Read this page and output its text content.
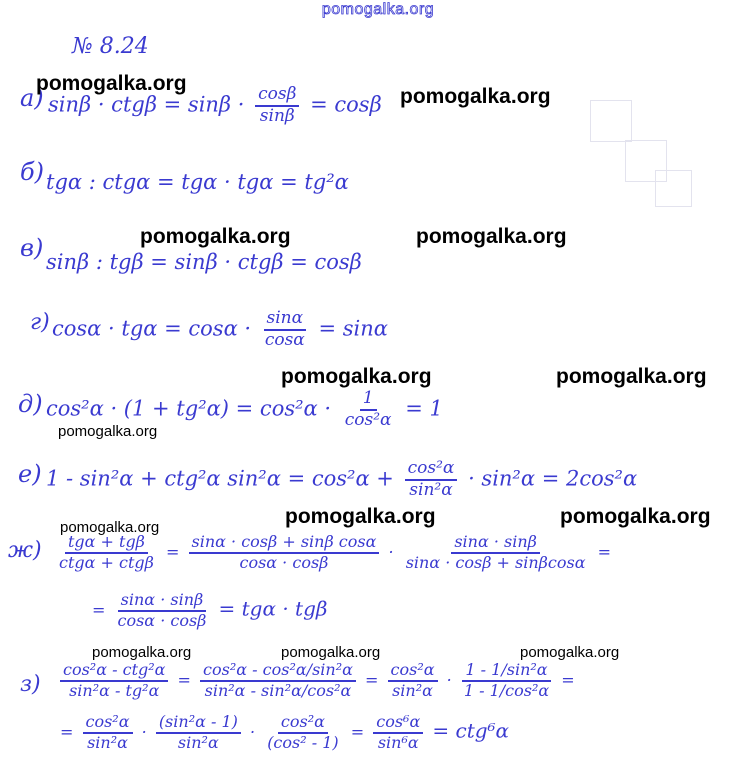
pomogalka.org
№ 8.24
а) $\sin\beta \cdot ctg\beta = \sin\beta \cdot \frac{\cos\beta}{\sin\beta} = \cos\beta$
б) tgα : ctgα = tgα · tgα = tg²α
в) sinβ : tgβ = sinβ · ctgβ = cosβ
г) $\cos\alpha \cdot tg\alpha = \cos\alpha \cdot \frac{\sin\alpha}{\cos\alpha} = \sin\alpha$
д) $\cos^2\alpha \cdot (1 + tg^2\alpha) = \cos^2\alpha \cdot \frac{1}{\text{cos²α}} = 1$
е) 1 - sin²α + ctg²α $\sin^2\alpha = \cos^2\alpha + \frac{\text{cos²α}}{\text{sin²α}} \cdot \sin^2\alpha = 2\cos^2\alpha$
$ж) \frac{\text{tgα + tgβ}}{\text{ctgα + ctgβ}} = \frac{\text{sinα · cosβ + sinβ cosα}}{\cos\alpha \cdot \cos\beta} \cdot \frac{\sin\alpha \cdot \sin\beta}{\sin\alpha \cdot \cos\beta + \sin\beta\cos\alpha}$ =
= $\frac{\sin\alpha \cdot \sin\beta}{\cos\alpha \cdot \cos\beta} = tg\alpha \cdot tg\beta$
$з) \frac{\text{cos²α - ctg²α}}{\text{sin²α - tg²α}} = \frac{\text{cos²α - cos²α/sin²α}}{\text{sin²α - sin²α/cos²α}} = \frac{\text{cos²α}}{\text{sin²α}} \cdot \frac{\text{1 - 1/sin²α}}{\text{1 - 1/cos²α}}$ =
= $\frac{\text{cos²α}}{\text{sin²α}} \cdot \frac{\text{(sin²α - 1)}}{\text{sin²α}} \cdot \frac{\text{cos²α}}{\text{(cos² - 1)}} = \frac{\text{cos⁶α}}{\text{sin⁶α}} = ctg^6\alpha$
pomogalka.org
pomogalka.org
pomogalka.org	pomogalka.org
pomogalka.org	pomogalka.org
pomogalka.org
pomogalka.org	pomogalka.org	pomogalka.org
pomogalka.org	pomogalka.org	pomogalka.org
